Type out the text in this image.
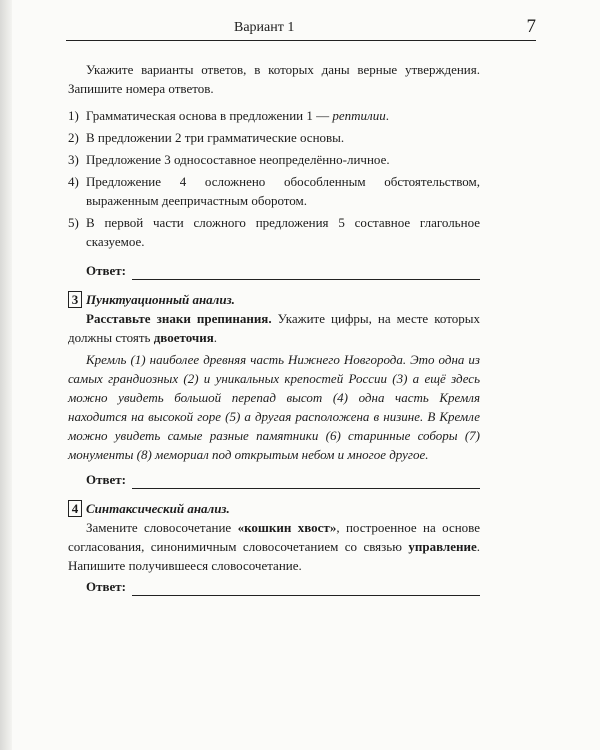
Вариант 1	7

Укажите варианты ответов, в которых даны верные утверждения. Запишите номера ответов.

1) Грамматическая основа в предложении 1 — рептилии.
2) В предложении 2 три грамматические основы.
3) Предложение 3 односоставное неопределённо-личное.
4) Предложение 4 осложнено обособленным обстоятельством, выраженным деепричастным оборотом.
5) В первой части сложного предложения 5 составное глагольное сказуемое.
Ответ:
3 Пунктуационный анализ.

Расставьте знаки препинания. Укажите цифры, на месте которых должны стоять двоеточия.

Кремль (1) наиболее древняя часть Нижнего Новгорода. Это одна из самых грандиозных (2) и уникальных крепостей России (3) а ещё здесь можно увидеть большой перепад высот (4) одна часть Кремля находится на высокой горе (5) а другая расположена в низине. В Кремле можно увидеть самые разные памятники (6) старинные соборы (7) монументы (8) мемориал под открытым небом и многое другое.

Ответ:
4 Синтаксический анализ.

Замените словосочетание «кошкин хвост», построенное на основе согласования, синонимичным словосочетанием со связью управление. Напишите получившееся словосочетание.

Ответ:
